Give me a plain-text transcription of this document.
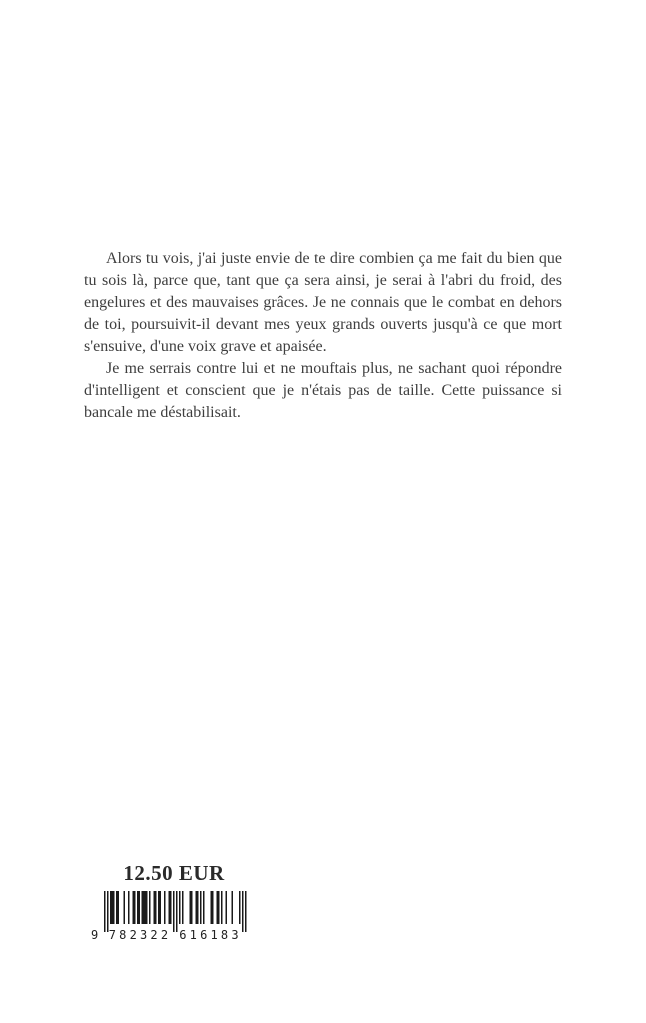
Alors tu vois, j'ai juste envie de te dire combien ça me fait du bien que tu sois là, parce que, tant que ça sera ainsi, je serai à l'abri du froid, des engelures et des mauvaises grâces. Je ne connais que le combat en dehors de toi, poursuivit-il devant mes yeux grands ouverts jusqu'à ce que mort s'ensuive, d'une voix grave et apaisée.

Je me serrais contre lui et ne mouftais plus, ne sachant quoi répondre d'intelligent et conscient que je n'étais pas de taille. Cette puissance si bancale me déstabilisait.

12.50 EUR
9 782322 616183
